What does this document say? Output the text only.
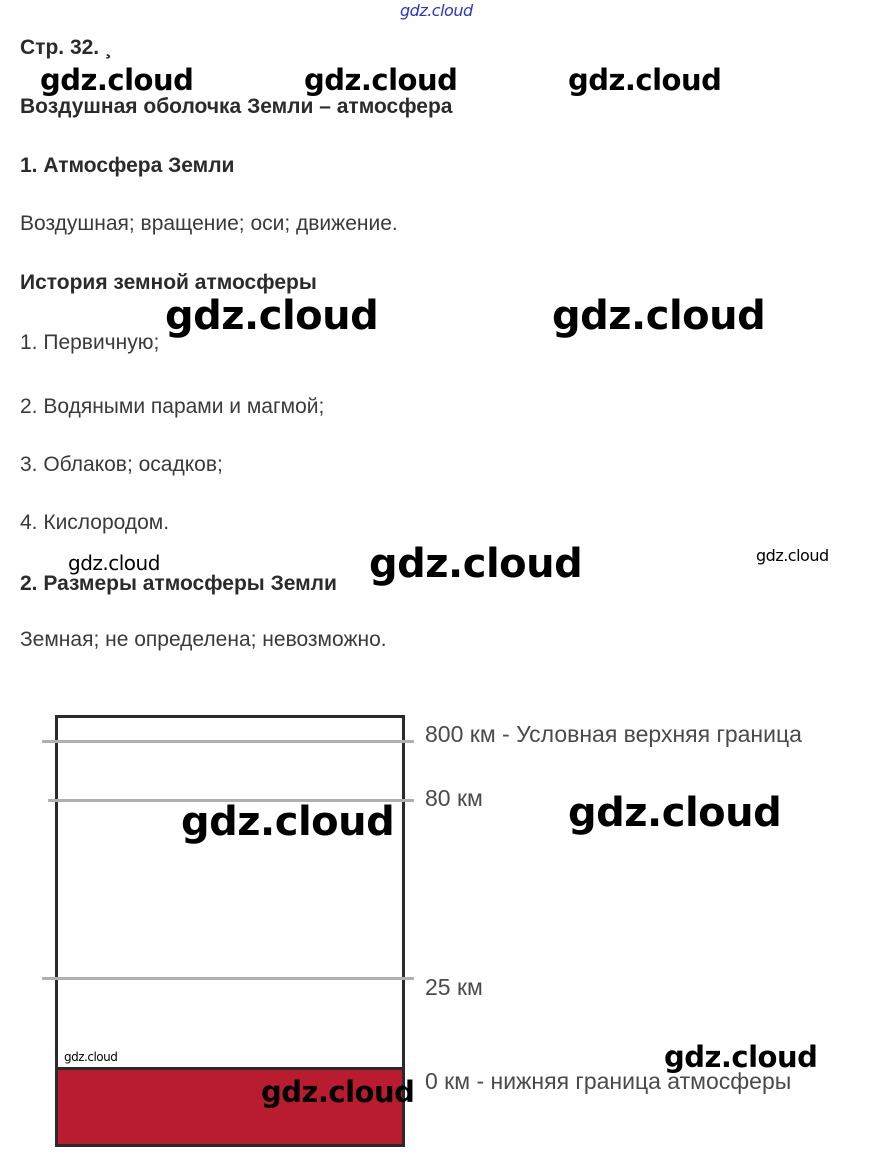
gdz.cloud
Стр. 32. ¸
Воздушная оболочка Земли – атмосфера
1. Атмосфера Земли
Воздушная; вращение; оси; движение.
История земной атмосферы
1. Первичную;
2. Водяными парами и магмой;
3. Облаков; осадков;
4. Кислородом.
2. Размеры атмосферы Земли
Земная; не определена; невозможно.
800 км - Условная верхняя граница
80 км
25 км
0 км - нижняя граница атмосферы
gdz.cloud	gdz.cloud	gdz.cloud
gdz.cloud	gdz.cloud
gdz.cloud	gdz.cloud	gdz.cloud
gdz.cloud	gdz.cloud
gdz.cloud	gdz.cloud
gdz.cloud
